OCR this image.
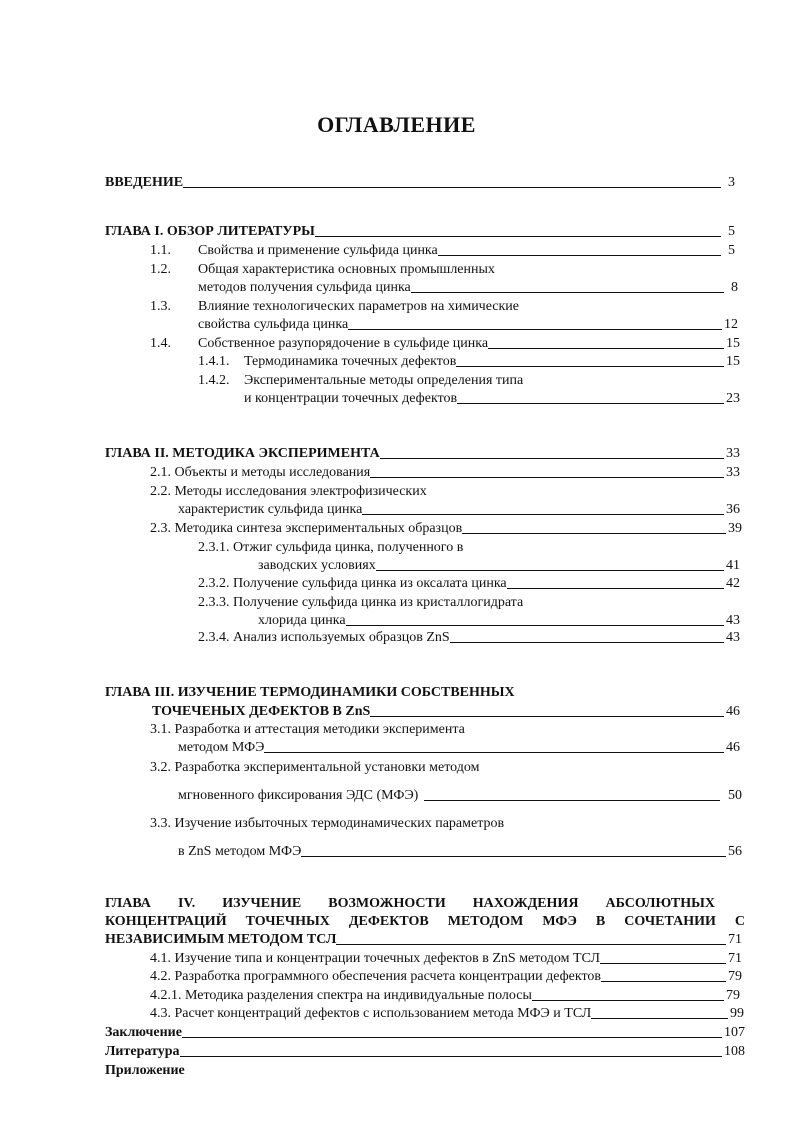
ОГЛАВЛЕНИЕ
ВВЕДЕНИЕ	3
ГЛАВА I. ОБЗОР ЛИТЕРАТУРЫ	5
1.1. Свойства и применение сульфида цинка	5
1.2. Общая характеристика основных промышленных
методов получения сульфида цинка	8
1.3. Влияние технологических параметров на химические
свойства сульфида цинка	12
1.4. Собственное разупорядочение в сульфиде цинка	15
1.4.1. Термодинамика точечных дефектов	15
1.4.2. Экспериментальные методы определения типа
и концентрации точечных дефектов	23
ГЛАВА II. МЕТОДИКА ЭКСПЕРИМЕНТА	33
2.1. Объекты и методы исследования	33
2.2. Методы исследования электрофизических
характеристик сульфида цинка	36
2.3. Методика синтеза экспериментальных образцов	39
2.3.1. Отжиг сульфида цинка, полученного в
заводских условиях	41
2.3.2. Получение сульфида цинка из оксалата цинка	42
2.3.3. Получение сульфида цинка из кристаллогидрата
хлорида цинка	43
2.3.4. Анализ используемых образцов ZnS	43
ГЛАВА III. ИЗУЧЕНИЕ ТЕРМОДИНАМИКИ СОБСТВЕННЫХ
ТОЧЕЧЕНЫХ ДЕФЕКТОВ В ZnS	46
3.1. Разработка и аттестация методики эксперимента
методом МФЭ	46
3.2. Разработка экспериментальной установки методом
мгновенного фиксирования ЭДС (МФЭ)	50
3.3. Изучение избыточных термодинамических параметров
в ZnS методом МФЭ	56
ГЛАВА IV. ИЗУЧЕНИЕ ВОЗМОЖНОСТИ НАХОЖДЕНИЯ АБСОЛЮТНЫХ
КОНЦЕНТРАЦИЙ ТОЧЕЧНЫХ ДЕФЕКТОВ МЕТОДОМ МФЭ В СОЧЕТАНИИ С
НЕЗАВИСИМЫМ МЕТОДОМ ТСЛ	71
4.1. Изучение типа и концентрации точечных дефектов в ZnS методом ТСЛ	71
4.2. Разработка программного обеспечения расчета концентрации дефектов	79
4.2.1. Методика разделения спектра на индивидуальные полосы	79
4.3. Расчет концентраций дефектов с использованием метода МФЭ и ТСЛ	99
Заключение	107
Литература	108
Приложение
